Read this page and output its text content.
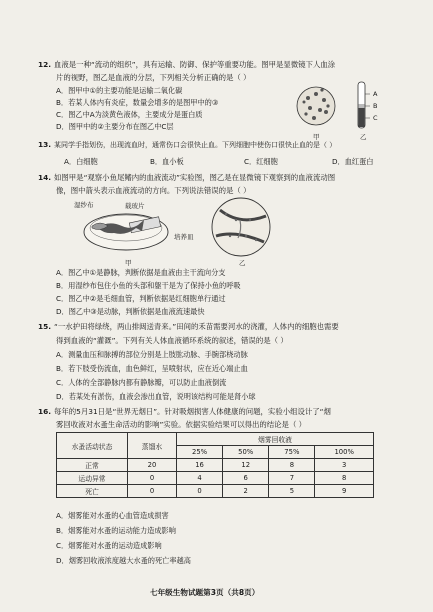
12. 血液是一种“流动的组织”，具有运输、防御、保护等重要功能。图甲是显微镜下人血涂
片的视野，图乙是血液的分层，下列相关分析正确的是（ ）
A．图甲中①的主要功能是运输二氧化碳
B．若某人体内有炎症，数量会增多的是图甲中的③
C．图乙中A为淡黄色液体，主要成分是蛋白质
D．图甲中的②主要分布在图乙中C层
A
B
C
甲	乙
13. 某同学手指划伤，出现流血时，通常伤口会很快止血。下列细胞中使伤口很快止血的是（ ）
A．白细胞	B．血小板	C．红细胞	D．血红蛋白
14. 如图甲是“观察小鱼尾鳍内的血液流动”实验图，图乙是在显微镜下观察到的血液流动图
像，图中箭头表示血液流动的方向。下列说法错误的是（ ）
湿纱布	载玻片
培养皿
甲	乙
A．图乙中①是静脉，判断依据是血液由主干流向分支
B．用湿纱布包住小鱼的头部和躯干是为了保持小鱼的呼吸
C．图乙中②是毛细血管，判断依据是红细胞单行通过
D．图乙中③是动脉，判断依据是血液流速最快
15. “一水护田将绿绕，两山排闼送青来。”田间的禾苗需要河水的浇灌，人体内的细胞也需要
得到血液的“灌溉”。下列有关人体血液循环系统的叙述，错误的是（ ）
A．测量血压和脉搏的部位分别是上肢肱动脉、手腕部桡动脉
B．若下肢受伤流血，血色鲜红，呈喷射状，应在近心端止血
C．人体的全部静脉内都有静脉瓣，可以防止血液倒流
D．若某处有淤伤，血液会渗出血管，说明该结构可能是肾小球
16. 每年的5月31日是“世界无烟日”。针对吸烟损害人体健康的问题，实验小组设计了“烟
雾回收液对水蚤生命活动的影响”实验。依据实验结果可以得出的结论是（ ）
水蚤活动状态	蒸馏水	烟雾回收液			
		25%	50%	75%	100%
正常	20	16	12	8	3
运动异常	0	4	6	7	8
死亡	0	0	2	5	9
A．烟雾能对水蚤的心血管造成损害
B．烟雾能对水蚤的运动能力造成影响
C．烟雾能对水蚤的运动造成影响
D．烟雾回收液浓度越大水蚤的死亡率越高
七年级生物试题第3页（共8页）
